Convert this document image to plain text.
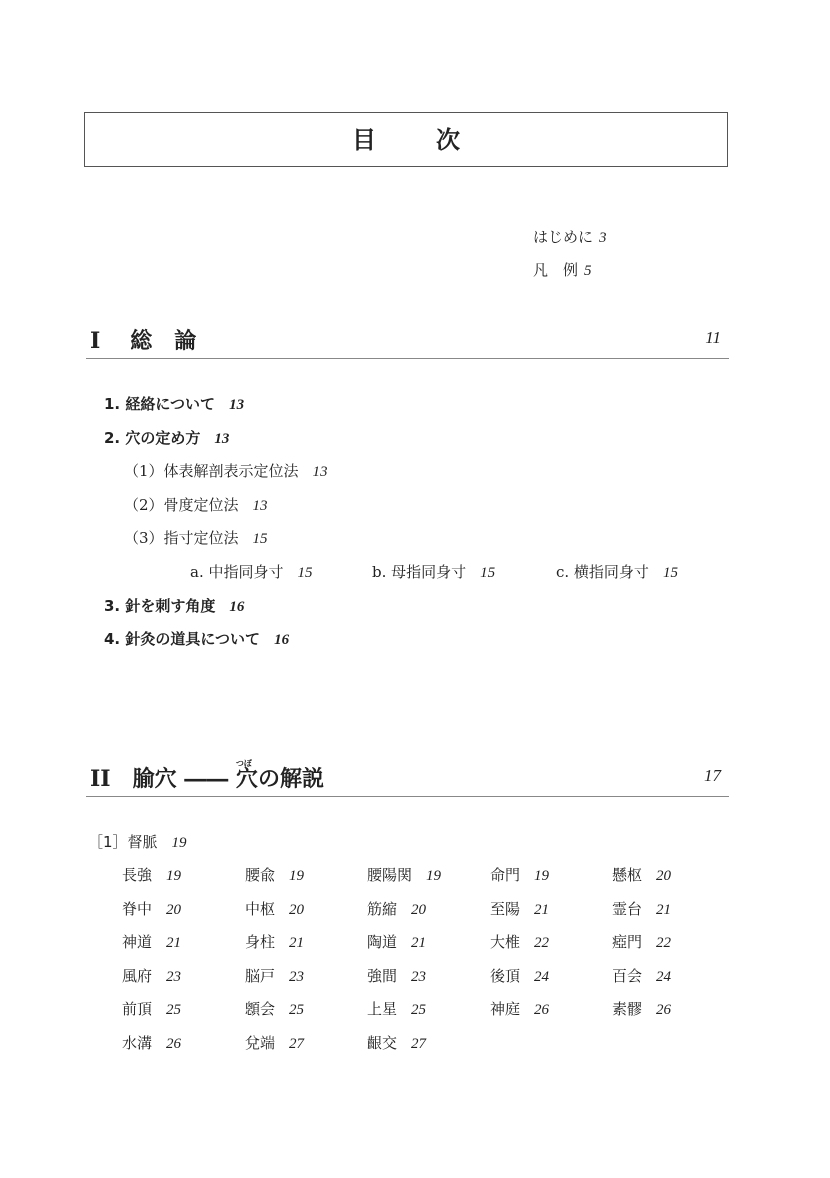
目次
はじめに 3
凡　例 5
I 総　論	11
1. 経絡について 13
2. 穴の定め方 13
（1）体表解剖表示定位法 13
（2）骨度定位法 13
（3）指寸定位法 15
a. 中指同身寸 15	b. 母指同身寸 15	c. 横指同身寸 15
3. 針を刺す角度 16
4. 針灸の道具について 16
II 腧穴 ――
つぼ
穴の解説	17
［1］督脈 19
長強 19	腰兪 19	腰陽関 19	命門 19	懸枢 20
脊中 20	中枢 20	筋縮 20	至陽 21	霊台 21
神道 21	身柱 21	陶道 21	大椎 22	瘂門 22
風府 23	脳戸 23	強間 23	後頂 24	百会 24
前頂 25	顖会 25	上星 25	神庭 26	素髎 26
水溝 26	兌端 27	齦交 27
